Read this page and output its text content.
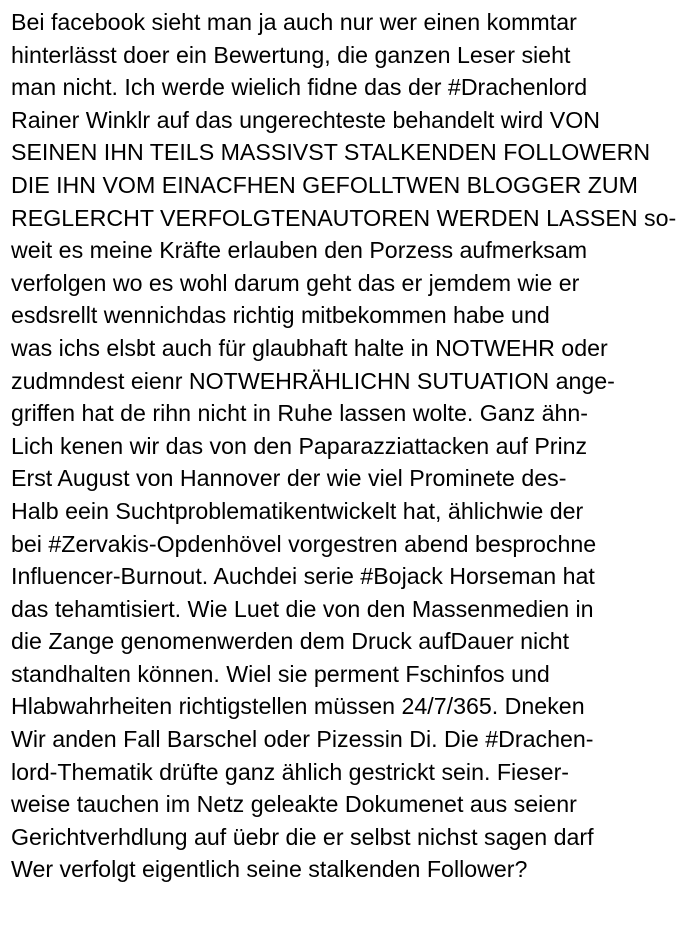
Bei facebook sieht man ja auch nur wer einen kommtar
hinterlässt doer ein Bewertung, die ganzen Leser sieht
man nicht. Ich werde wielich fidne das der #Drachenlord
Rainer Winklr auf das ungerechteste behandelt wird VON
SEINEN IHN TEILS MASSIVST STALKENDEN FOLLOWERN
DIE IHN VOM EINACFHEN GEFOLLTWEN BLOGGER ZUM
REGLERCHT VERFOLGTENAUTOREN WERDEN LASSEN so-
weit es meine Kräfte erlauben den Porzess aufmerksam
verfolgen wo es wohl darum geht das er jemdem wie er
esdsrellt wennichdas richtig mitbekommen habe und
was ichs elsbt auch für glaubhaft halte in NOTWEHR oder
zudmndest eienr NOTWEHRÄHLICHN SUTUATION ange-
griffen hat de rihn nicht in Ruhe lassen wolte. Ganz ähn-
Lich kenen wir das von den Paparazziattacken auf Prinz
Erst August von Hannover der wie viel Prominete des-
Halb eein Suchtproblematikentwickelt hat, ählichwie der
bei #Zervakis-Opdenhövel vorgestren abend besprochne
Influencer-Burnout. Auchdei serie #Bojack Horseman hat
das tehamtisiert. Wie Luet die von den Massenmedien in
die Zange genomenwerden dem Druck aufDauer nicht
standhalten können. Wiel sie perment Fschinfos und
Hlabwahrheiten richtigstellen müssen 24/7/365. Dneken
Wir anden Fall Barschel oder Pizessin Di. Die #Drachen-
lord-Thematik drüfte ganz ählich gestrickt sein. Fieser-
weise tauchen im Netz geleakte Dokumenet aus seienr
Gerichtverhdlung auf üebr die er selbst nichst sagen darf
Wer verfolgt eigentlich seine stalkenden Follower?
